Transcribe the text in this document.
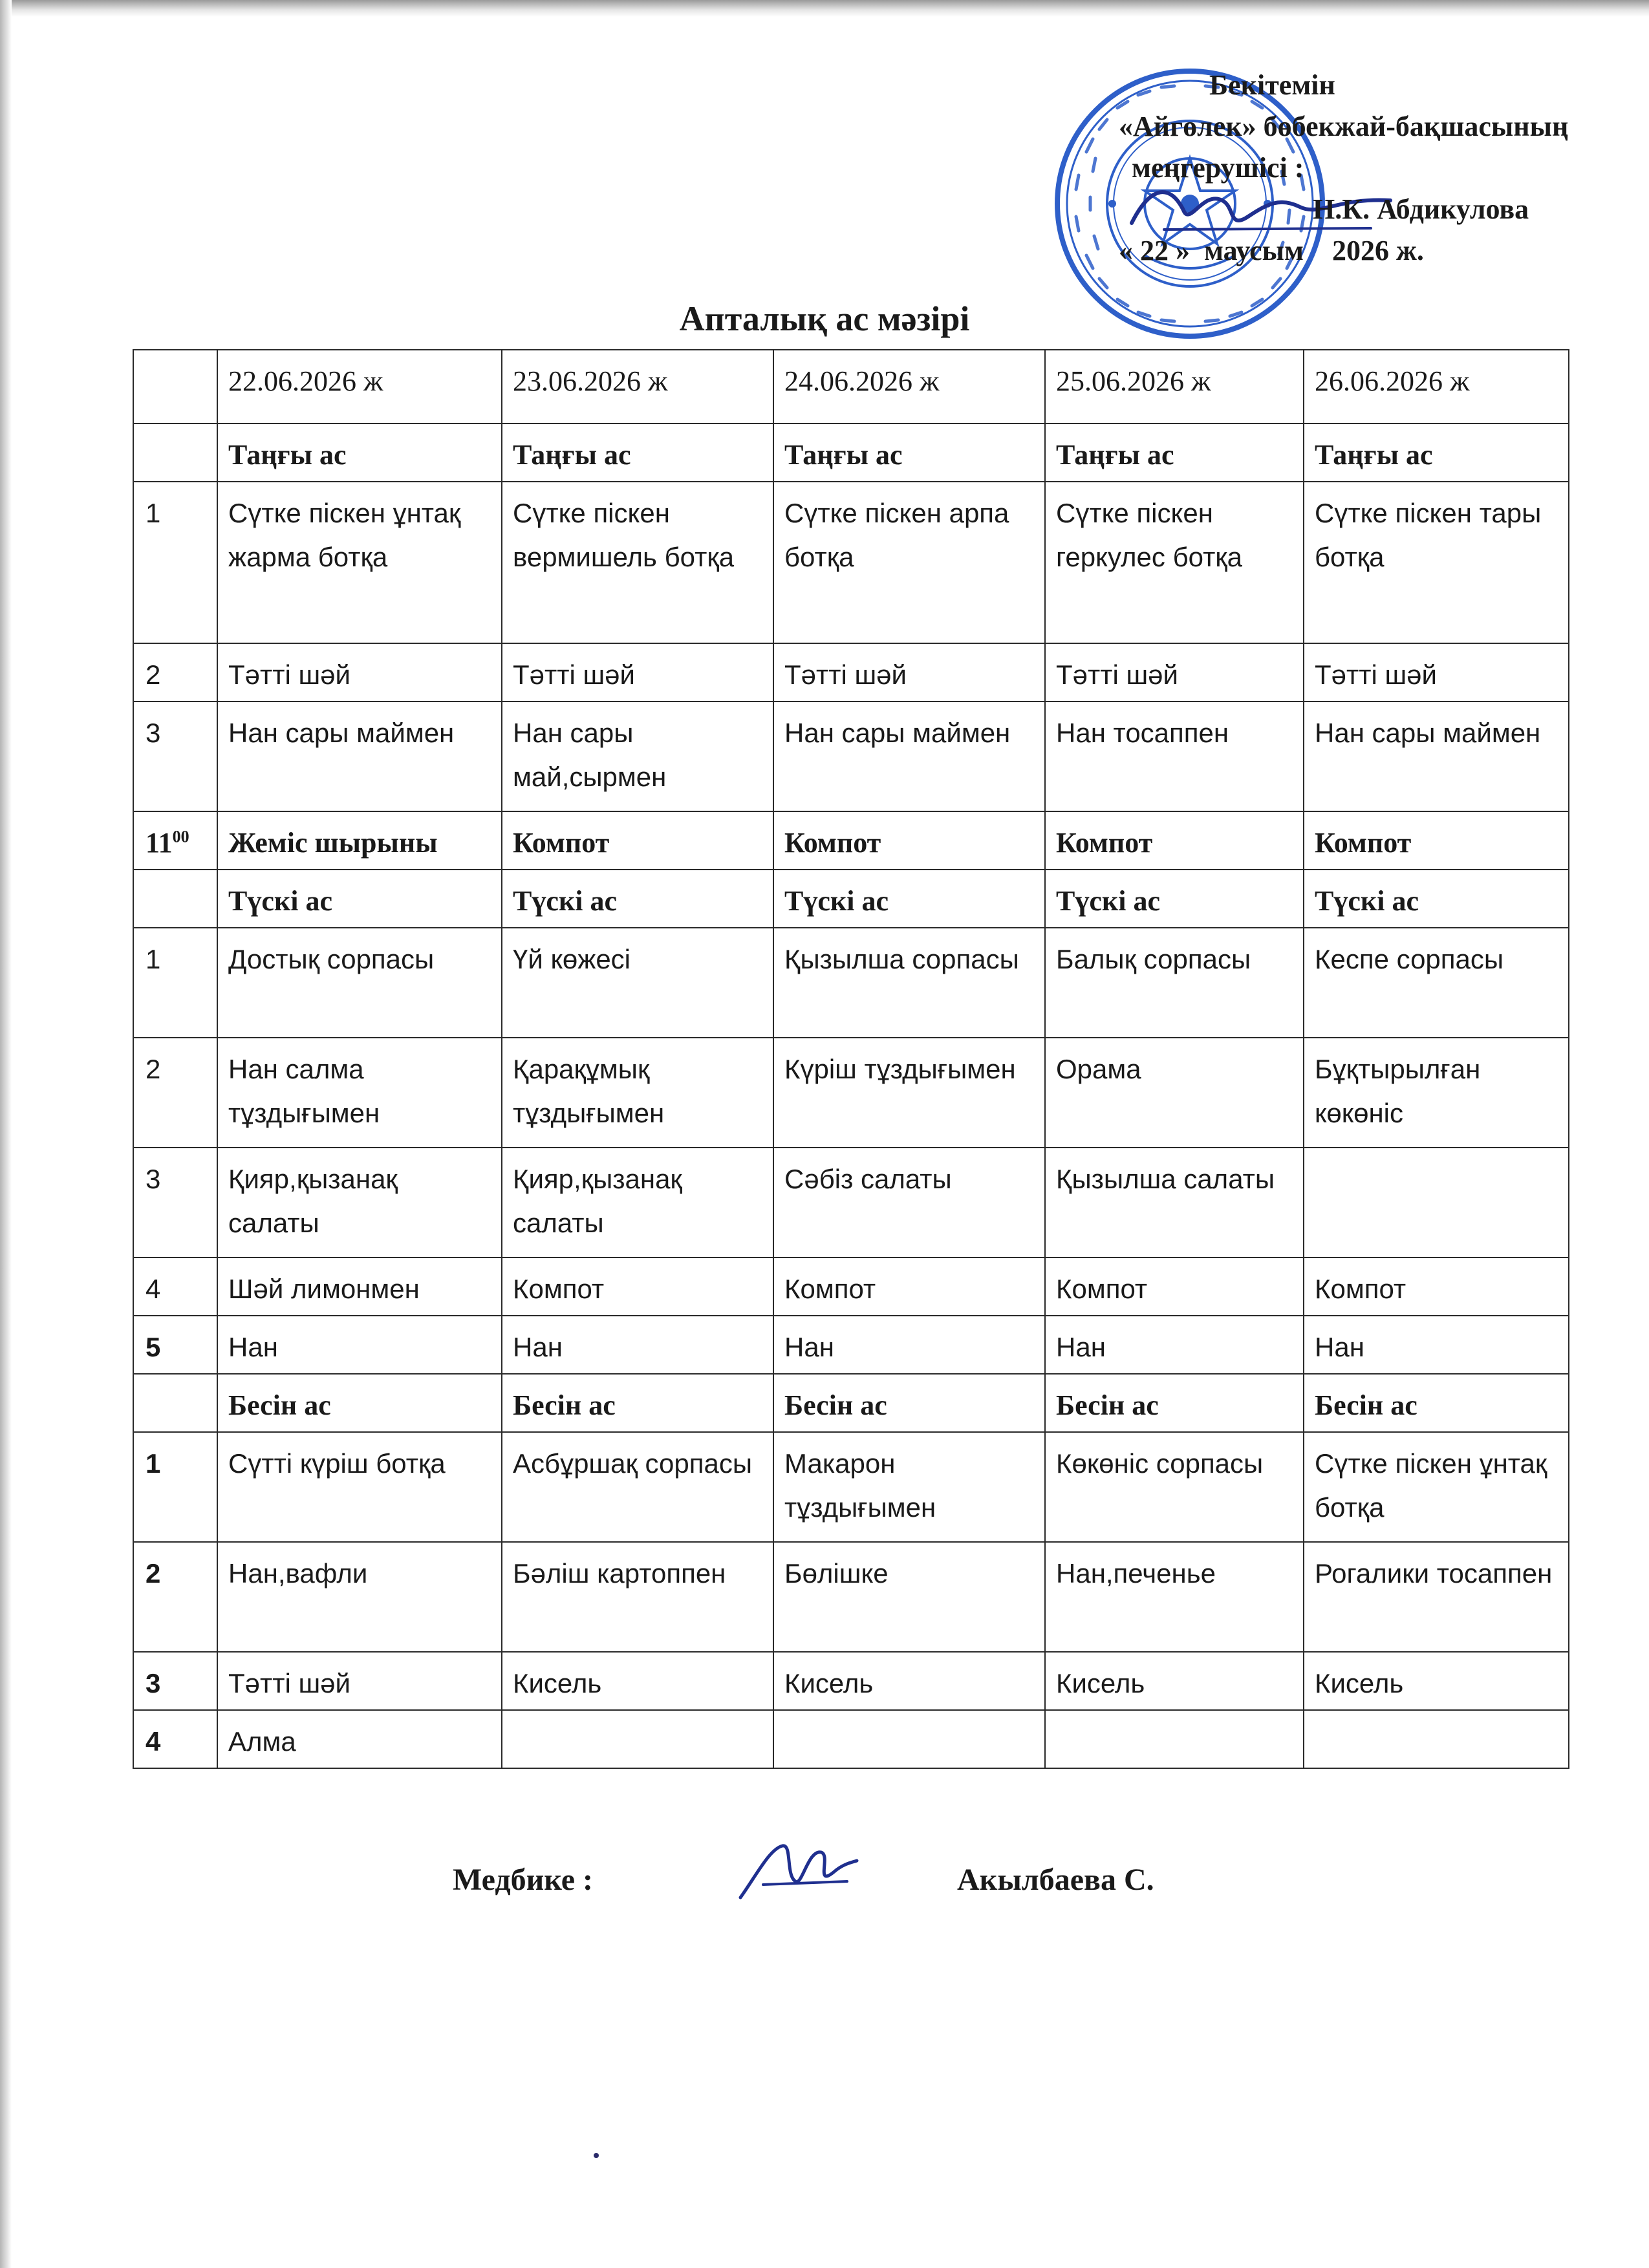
Бекітемін
«Айгөлек» бөбекжай-бақшасының
меңгерушісі :
Н.К. Абдикулова
« 22 » маусым 2026 ж.
Апталық ас мәзірі
	22.06.2026 ж	23.06.2026 ж	24.06.2026 ж	25.06.2026 ж	26.06.2026 ж
	Таңғы ас	Таңғы ас	Таңғы ас	Таңғы ас	Таңғы ас
1	Сүтке піскен ұнтақ жарма ботқа	Сүтке піскен вермишель ботқа	Сүтке піскен арпа ботқа	Сүтке піскен геркулес ботқа	Сүтке піскен тары ботқа
2	Тәтті шәй	Тәтті шәй	Тәтті шәй	Тәтті шәй	Тәтті шәй
3	Нан сары маймен	Нан сары май,сырмен	Нан сары маймен	Нан тосаппен	Нан сары маймен
$11^{00}$	Жеміс шырыны	Компот	Компот	Компот	Компот
	Түскі ас	Түскі ас	Түскі ас	Түскі ас	Түскі ас
1	Достық сорпасы	Үй көжесі	Қызылша сорпасы	Балық сорпасы	Кеспе сорпасы
2	Нан салма тұздығымен	Қарақұмық тұздығымен	Күріш тұздығымен	Орама	Бұқтырылған көкөніс
3	Қияр,қызанақ салаты	Қияр,қызанақ салаты	Сәбіз салаты	Қызылша салаты	
4	Шәй лимонмен	Компот	Компот	Компот	Компот
5	Нан	Нан	Нан	Нан	Нан
	Бесін ас	Бесін ас	Бесін ас	Бесін ас	Бесін ас
1	Сүтті күріш ботқа	Асбұршақ сорпасы	Макарон тұздығымен	Көкөніс сорпасы	Сүтке піскен ұнтақ ботқа
2	Нан,вафли	Бәліш картоппен	Бөлішке	Нан,печенье	Рогалики тосаппен
3	Тәтті шәй	Кисель	Кисель	Кисель	Кисель
4	Алма				
Медбике :	Акылбаева С.
